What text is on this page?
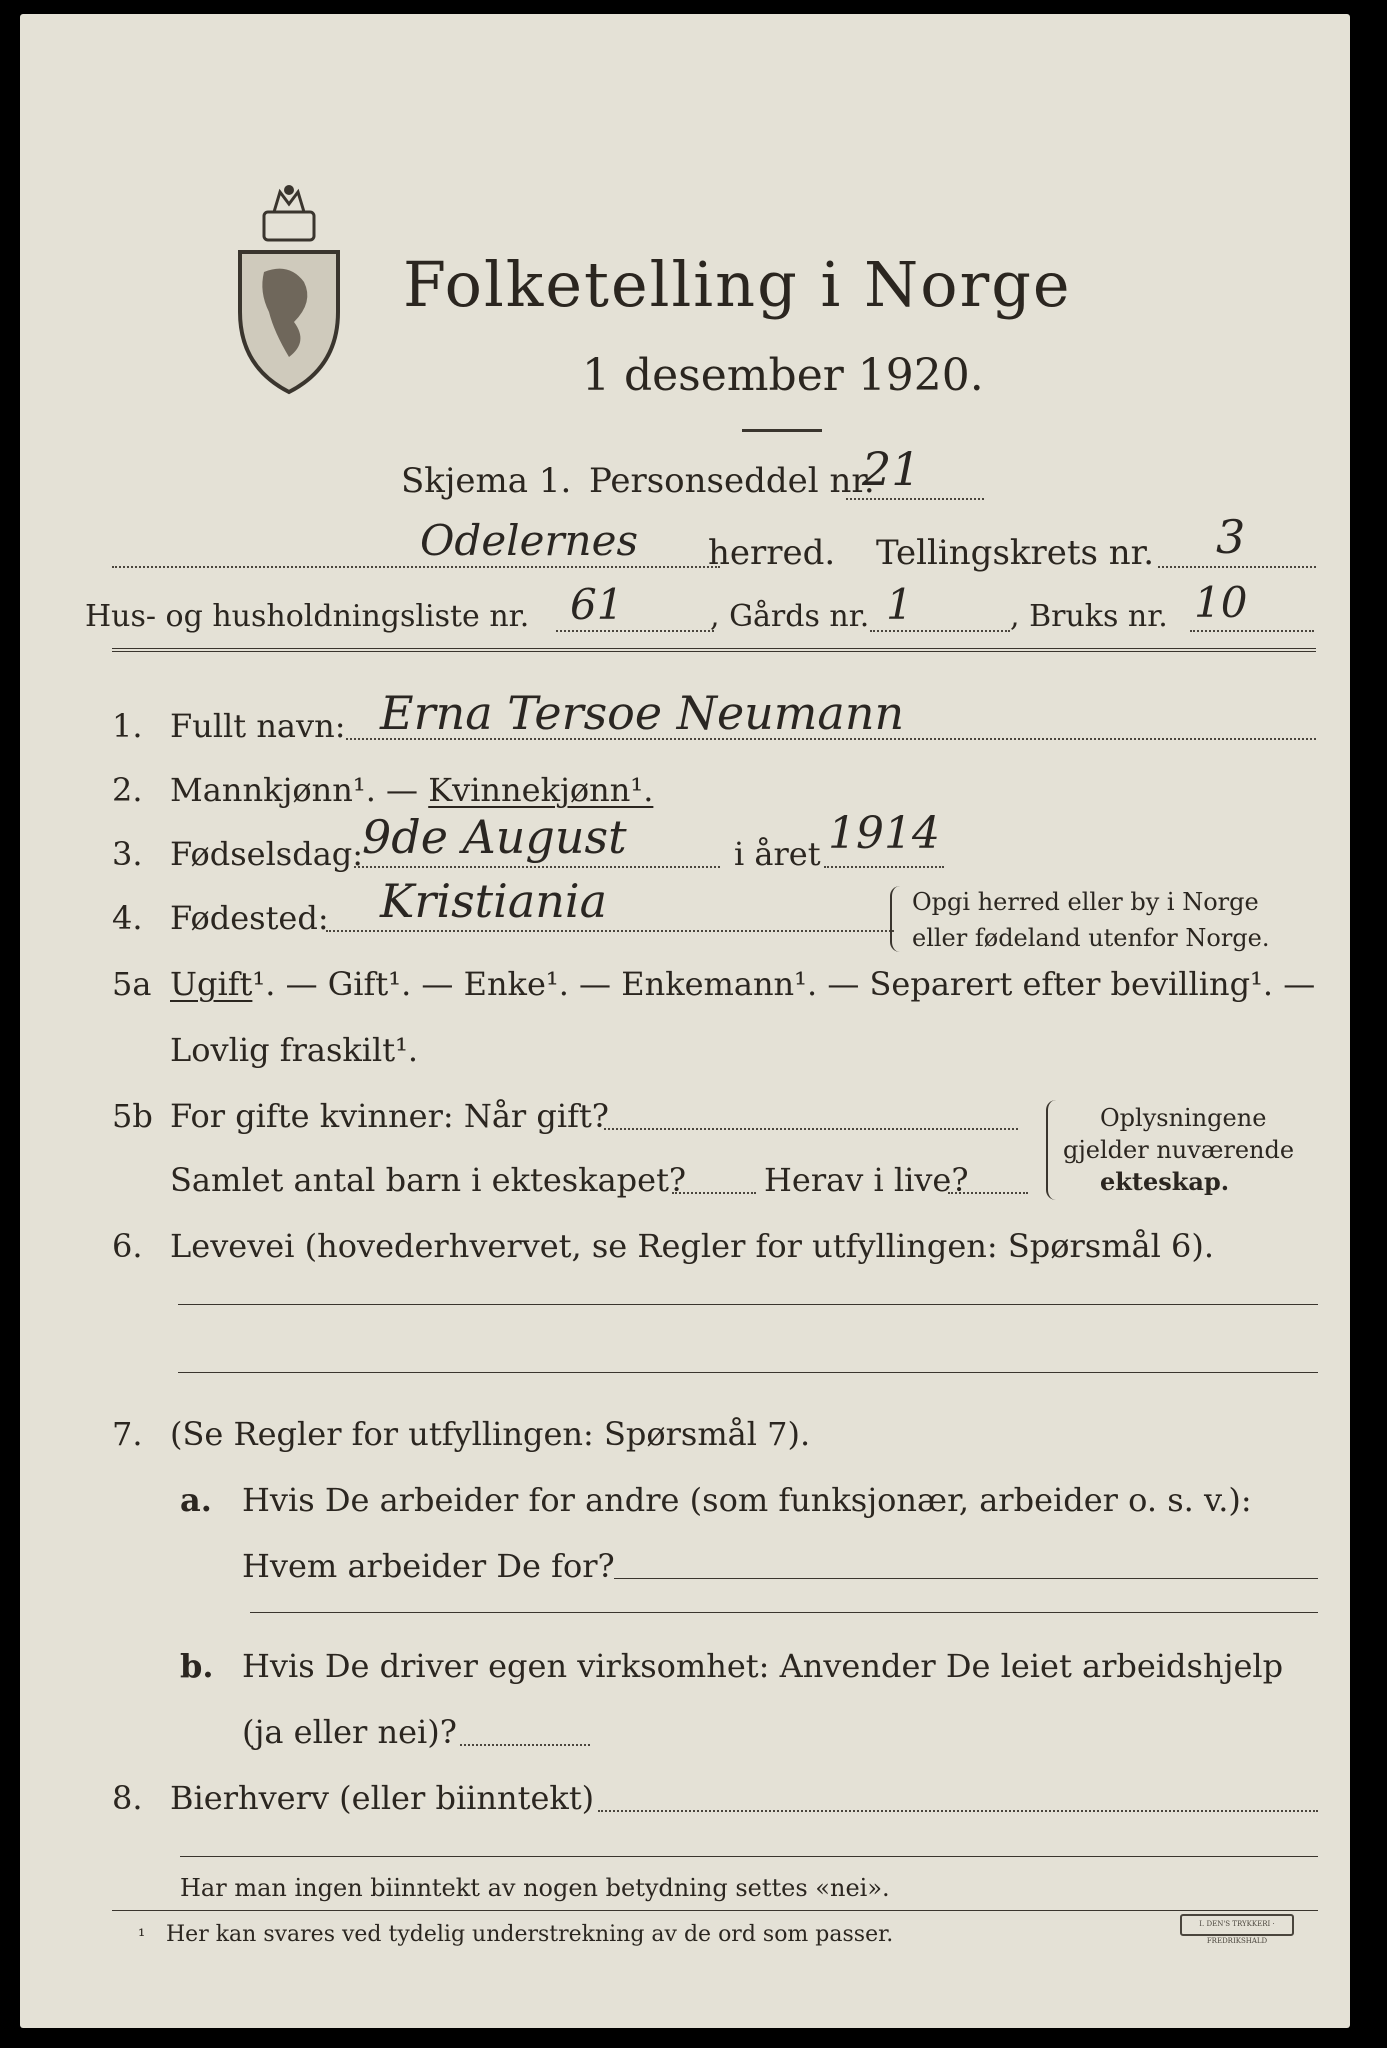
Folketelling i Norge
1 desember 1920.
Skjema 1. Personseddel nr.
21
Odelernes herred. Tellingskrets nr. 3
Hus- og husholdningsliste nr. 61	, Gårds nr. 1	, Bruks nr. 10
1. Fullt navn: Erna Tersoe Neumann
2. Mannkjønn¹. — Kvinnekjønn¹.
3. Fødselsdag:
9de August	i året 1914
4. Fødested: Kristiania	Opgi herred eller by i Norge
eller fødeland utenfor Norge.
5a Ugift¹. — Gift¹. — Enke¹. — Enkemann¹. — Separert efter bevilling¹. —
Lovlig fraskilt¹.
5b For gifte kvinner: Når gift?
Samlet antal barn i ekteskapet? Herav i live?
Oplysningene
gjelder nuværende
ekteskap.
6. Levevei (hovederhvervet, se Regler for utfyllingen: Spørsmål 6).
7. (Se Regler for utfyllingen: Spørsmål 7).
a. Hvis De arbeider for andre (som funksjonær, arbeider o. s. v.):
Hvem arbeider De for?
b. Hvis De driver egen virksomhet: Anvender De leiet arbeidshjelp
(ja eller nei)?
8. Bierhverv (eller biinntekt)
Har man ingen biinntekt av nogen betydning settes «nei».
¹ Her kan svares ved tydelig understrekning av de ord som passer.	I. DEN'S TRYKKERI · FREDRIKSHALD
